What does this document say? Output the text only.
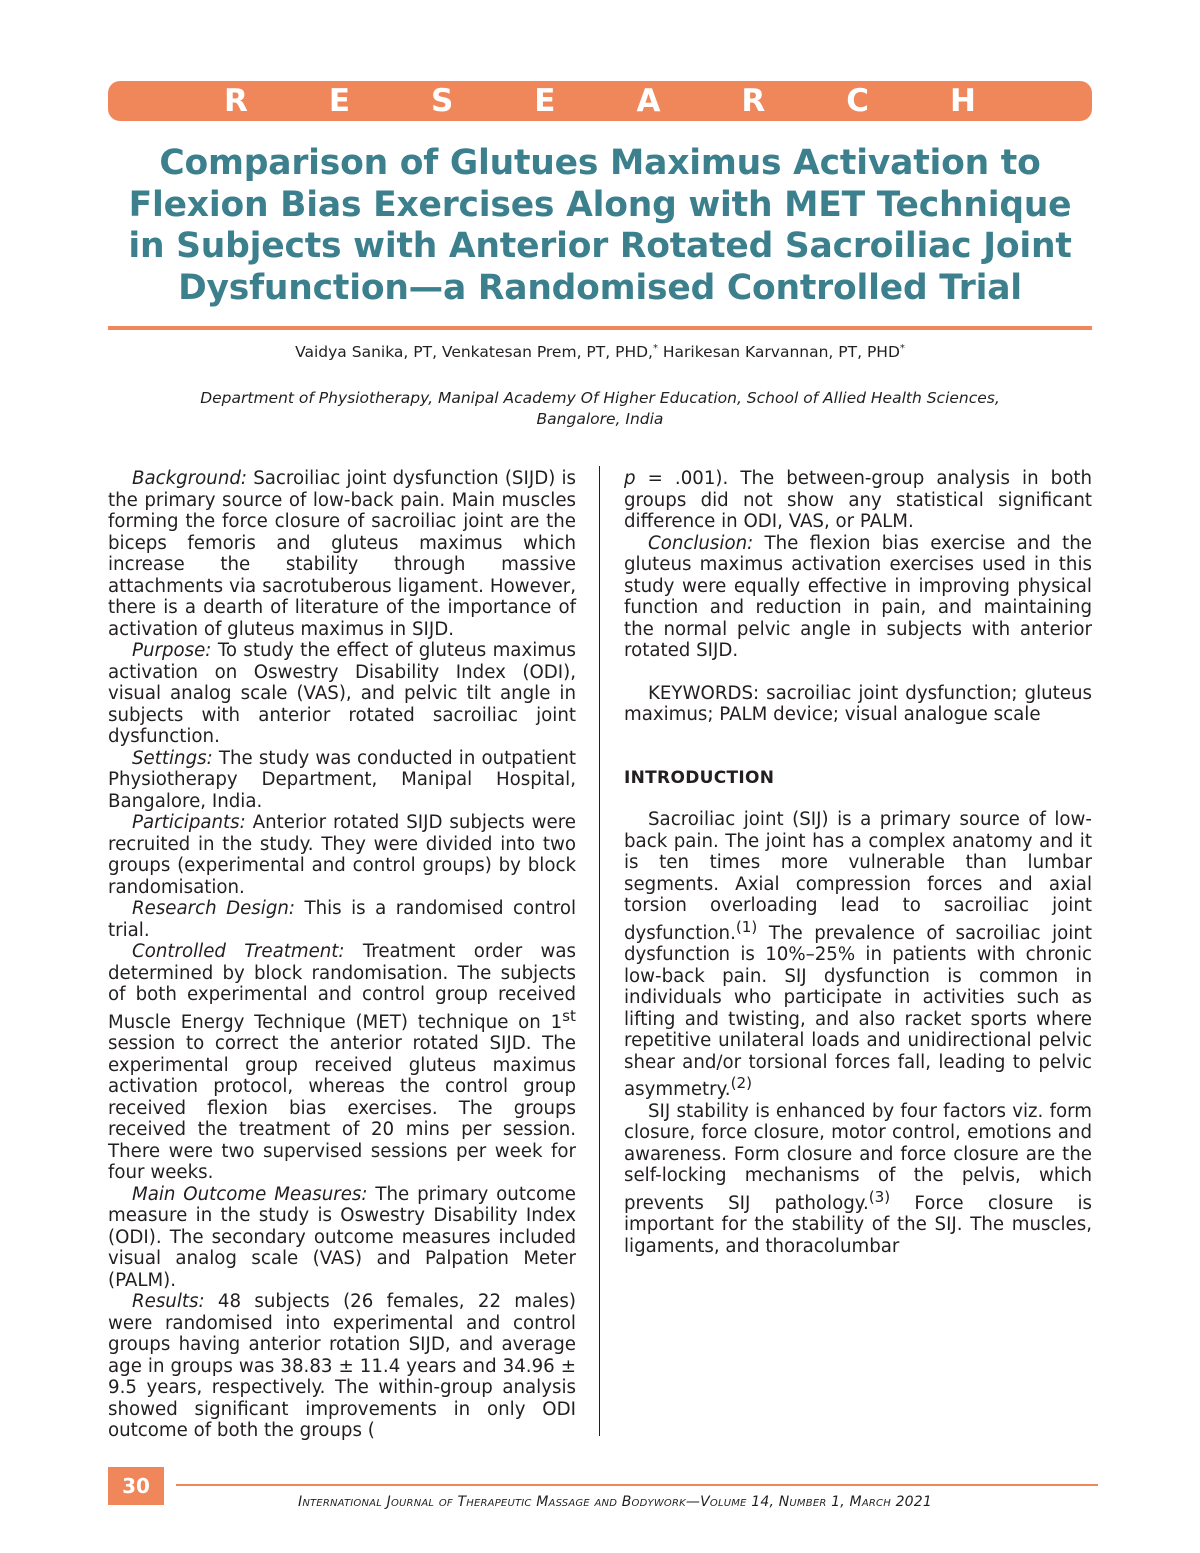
R	E	S	E	A	R	C	H
Comparison of Glutues Maximus Activation to
Flexion Bias Exercises Along with MET Technique
in Subjects with Anterior Rotated Sacroiliac Joint
Dysfunction—a Randomised Controlled Trial
Vaidya Sanika, PT, Venkatesan Prem, PT, PHD,* Harikesan Karvannan, PT, PHD*
Department of Physiotherapy, Manipal Academy Of Higher Education, School of Allied Health Sciences,
Bangalore, India

Background: Sacroiliac joint dysfunction (SIJD) is the primary source of low-back pain. Main muscles forming the force closure of sacroiliac joint are the biceps femoris and gluteus maximus which increase the stability through massive attachments via sacrotuberous ligament. However, there is a dearth of literature of the importance of activation of gluteus maximus in SIJD.

Purpose: To study the effect of gluteus maximus activation on Oswestry Disability Index (ODI), visual analog scale (VAS), and pelvic tilt angle in subjects with anterior rotated sacroiliac joint dysfunction.

Settings: The study was conducted in outpatient Physiotherapy Department, Manipal Hospital, Bangalore, India.

Participants: Anterior rotated SIJD subjects were recruited in the study. They were divided into two groups (experimental and control groups) by block randomisation.

Research Design: This is a randomised control trial.

Controlled Treatment: Treatment order was determined by block randomisation. The subjects of both experimental and control group received Muscle Energy Technique (MET) technique on 1st session to correct the anterior rotated SIJD. The experimental group received gluteus maximus activation protocol, whereas the control group received flexion bias exercises. The groups received the treatment of 20 mins per session. There were two supervised sessions per week for four weeks.

Main Outcome Measures: The primary outcome measure in the study is Oswestry Disability Index (ODI). The secondary outcome measures included visual analog scale (VAS) and Palpation Meter (PALM).

Results: 48 subjects (26 females, 22 males) were randomised into experimental and control groups having anterior rotation SIJD, and average age in groups was 38.83 ± 11.4 years and 34.96 ± 9.5 years, respectively. The within-group analysis showed significant improvements in only ODI outcome of both the groups (

p = .001). The between-group analysis in both groups did not show any statistical significant difference in ODI, VAS, or PALM.

Conclusion: The flexion bias exercise and the gluteus maximus activation exercises used in this study were equally effective in improving physical function and reduction in pain, and maintaining the normal pelvic angle in subjects with anterior rotated SIJD.

KEYWORDS: sacroiliac joint dysfunction; gluteus maximus; PALM device; visual analogue scale

INTRODUCTION

Sacroiliac joint (SIJ) is a primary source of low-back pain. The joint has a complex anatomy and it is ten times more vulnerable than lumbar segments. Axial compression forces and axial torsion overloading lead to sacroiliac joint dysfunction.$^{(1)}$ The prevalence of sacroiliac joint dysfunction is 10%–25% in patients with chronic low-back pain. SIJ dysfunction is common in individuals who participate in activities such as lifting and twisting, and also racket sports where repetitive unilateral loads and unidirectional pelvic shear and/or torsional forces fall, leading to pelvic asymmetry.$^{(2)}$

SIJ stability is enhanced by four factors viz. form closure, force closure, motor control, emotions and awareness. Form closure and force closure are the self-locking mechanisms of the pelvis, which prevents SIJ pathology.$^{(3)}$ Force closure is important for the stability of the SIJ. The muscles, ligaments, and thoracolumbar

30
International Journal of Therapeutic Massage and Bodywork—Volume 14, Number 1, March 2021
